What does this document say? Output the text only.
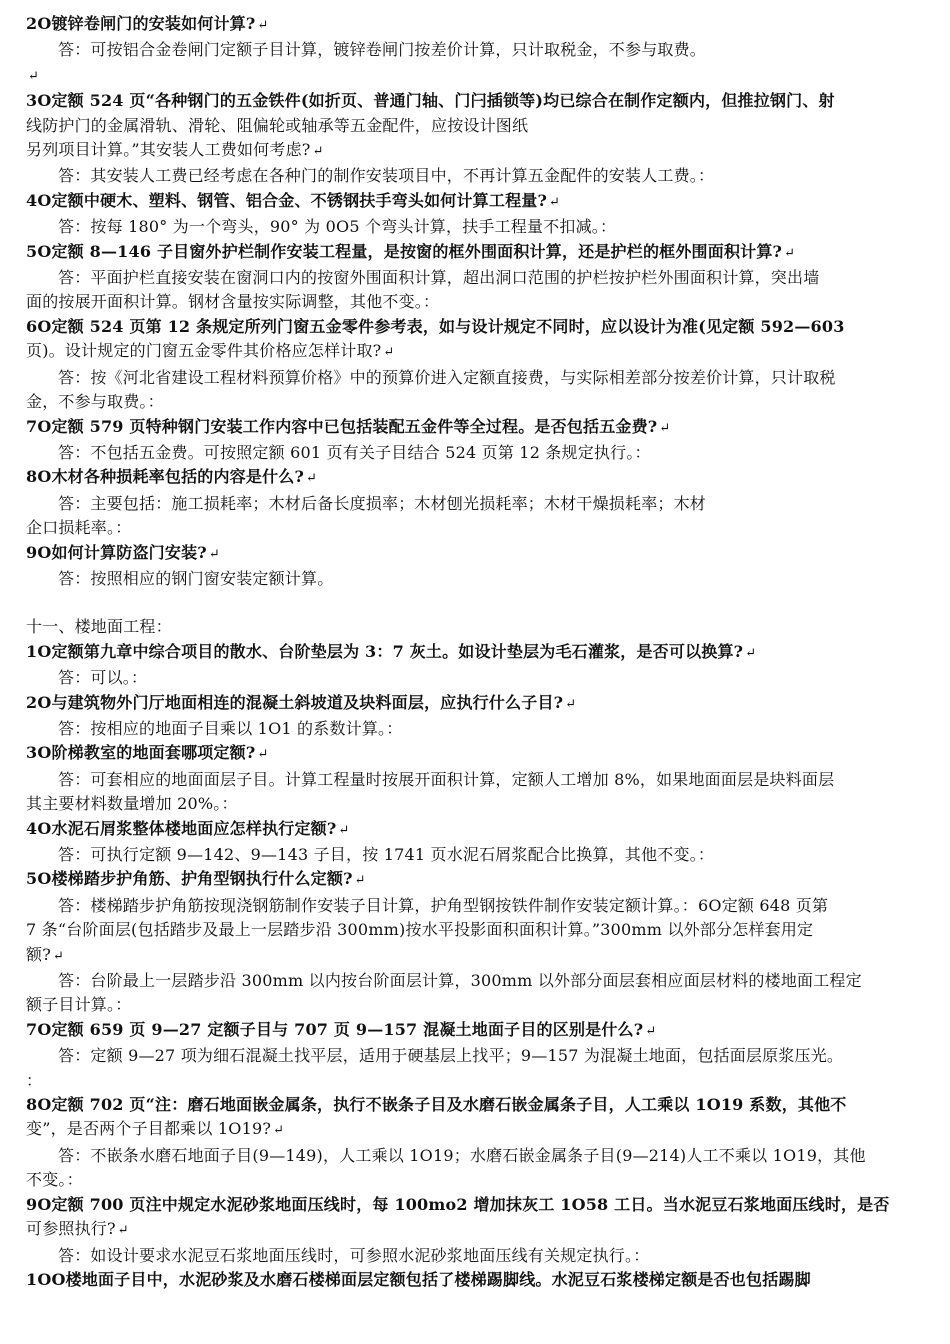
2O镀锌卷闸门的安装如何计算? ↵
答：可按铝合金卷闸门定额子目计算，镀锌卷闸门按差价计算，只计取税金，不参与取费。
↵
3O定额 524 页“各种钢门的五金铁件(如折页、普通门轴、门闩插锁等)均已综合在制作定额内，但推拉钢门、射
线防护门的金属滑轨、滑轮、阻偏轮或轴承等五金配件，应按设计图纸
另列项目计算。”其安装人工费如何考虑? ↵
答：其安装人工费已经考虑在各种门的制作安装项目中，不再计算五金配件的安装人工费。：
4O定额中硬木、塑料、钢管、铝合金、不锈钢扶手弯头如何计算工程量? ↵
答：按每 180° 为一个弯头，90° 为 0O5 个弯头计算，扶手工程量不扣减。：
5O定额 8—146 子目窗外护栏制作安装工程量，是按窗的框外围面积计算，还是护栏的框外围面积计算? ↵
答：平面护栏直接安装在窗洞口内的按窗外围面积计算，超出洞口范围的护栏按护栏外围面积计算，突出墙
面的按展开面积计算。钢材含量按实际调整，其他不变。：
6O定额 524 页第 12 条规定所列门窗五金零件参考表，如与设计规定不同时，应以设计为准(见定额 592—603
页)。设计规定的门窗五金零件其价格应怎样计取? ↵
答：按《河北省建设工程材料预算价格》中的预算价进入定额直接费，与实际相差部分按差价计算，只计取税
金，不参与取费。：
7O定额 579 页特种钢门安装工作内容中已包括装配五金件等全过程。是否包括五金费? ↵
答：不包括五金费。可按照定额 601 页有关子目结合 524 页第 12 条规定执行。：
8O木材各种损耗率包括的内容是什么? ↵
答：主要包括：施工损耗率；木材后备长度损率；木材刨光损耗率；木材干燥损耗率；木材
企口损耗率。：
9O如何计算防盗门安装? ↵
答：按照相应的钢门窗安装定额计算。
十一、楼地面工程：
1O定额第九章中综合项目的散水、台阶垫层为 3：7 灰土。如设计垫层为毛石灌浆，是否可以换算? ↵
答：可以。：
2O与建筑物外门厅地面相连的混凝土斜坡道及块料面层，应执行什么子目? ↵
答：按相应的地面子目乘以 1O1 的系数计算。：
3O阶梯教室的地面套哪项定额? ↵
答：可套相应的地面面层子目。计算工程量时按展开面积计算，定额人工增加 8%，如果地面面层是块料面层
其主要材料数量增加 20%。：
4O水泥石屑浆整体楼地面应怎样执行定额? ↵
答：可执行定额 9—142、9—143 子目，按 1741 页水泥石屑浆配合比换算，其他不变。：
5O楼梯踏步护角筋、护角型钢执行什么定额? ↵
答：楼梯踏步护角筋按现浇钢筋制作安装子目计算，护角型钢按铁件制作安装定额计算。：6O定额 648 页第
7 条“台阶面层(包括踏步及最上一层踏步沿 300mm)按水平投影面积面积计算。”300mm 以外部分怎样套用定
额? ↵
答：台阶最上一层踏步沿 300mm 以内按台阶面层计算，300mm 以外部分面层套相应面层材料的楼地面工程定
额子目计算。：
7O定额 659 页 9—27 定额子目与 707 页 9—157 混凝土地面子目的区别是什么? ↵
答：定额 9—27 项为细石混凝土找平层，适用于硬基层上找平；9—157 为混凝土地面，包括面层原浆压光。
：
8O定额 702 页“注：磨石地面嵌金属条，执行不嵌条子目及水磨石嵌金属条子目，人工乘以 1O19 系数，其他不
变”，是否两个子目都乘以 1O19? ↵
答：不嵌条水磨石地面子目(9—149)，人工乘以 1O19；水磨石嵌金属条子目(9—214)人工不乘以 1O19，其他
不变。：
9O定额 700 页注中规定水泥砂浆地面压线时，每 100mo2 增加抹灰工 1O58 工日。当水泥豆石浆地面压线时，是否
可参照执行? ↵
答：如设计要求水泥豆石浆地面压线时，可参照水泥砂浆地面压线有关规定执行。：
1OO楼地面子目中，水泥砂浆及水磨石楼梯面层定额包括了楼梯踢脚线。水泥豆石浆楼梯定额是否也包括踢脚
